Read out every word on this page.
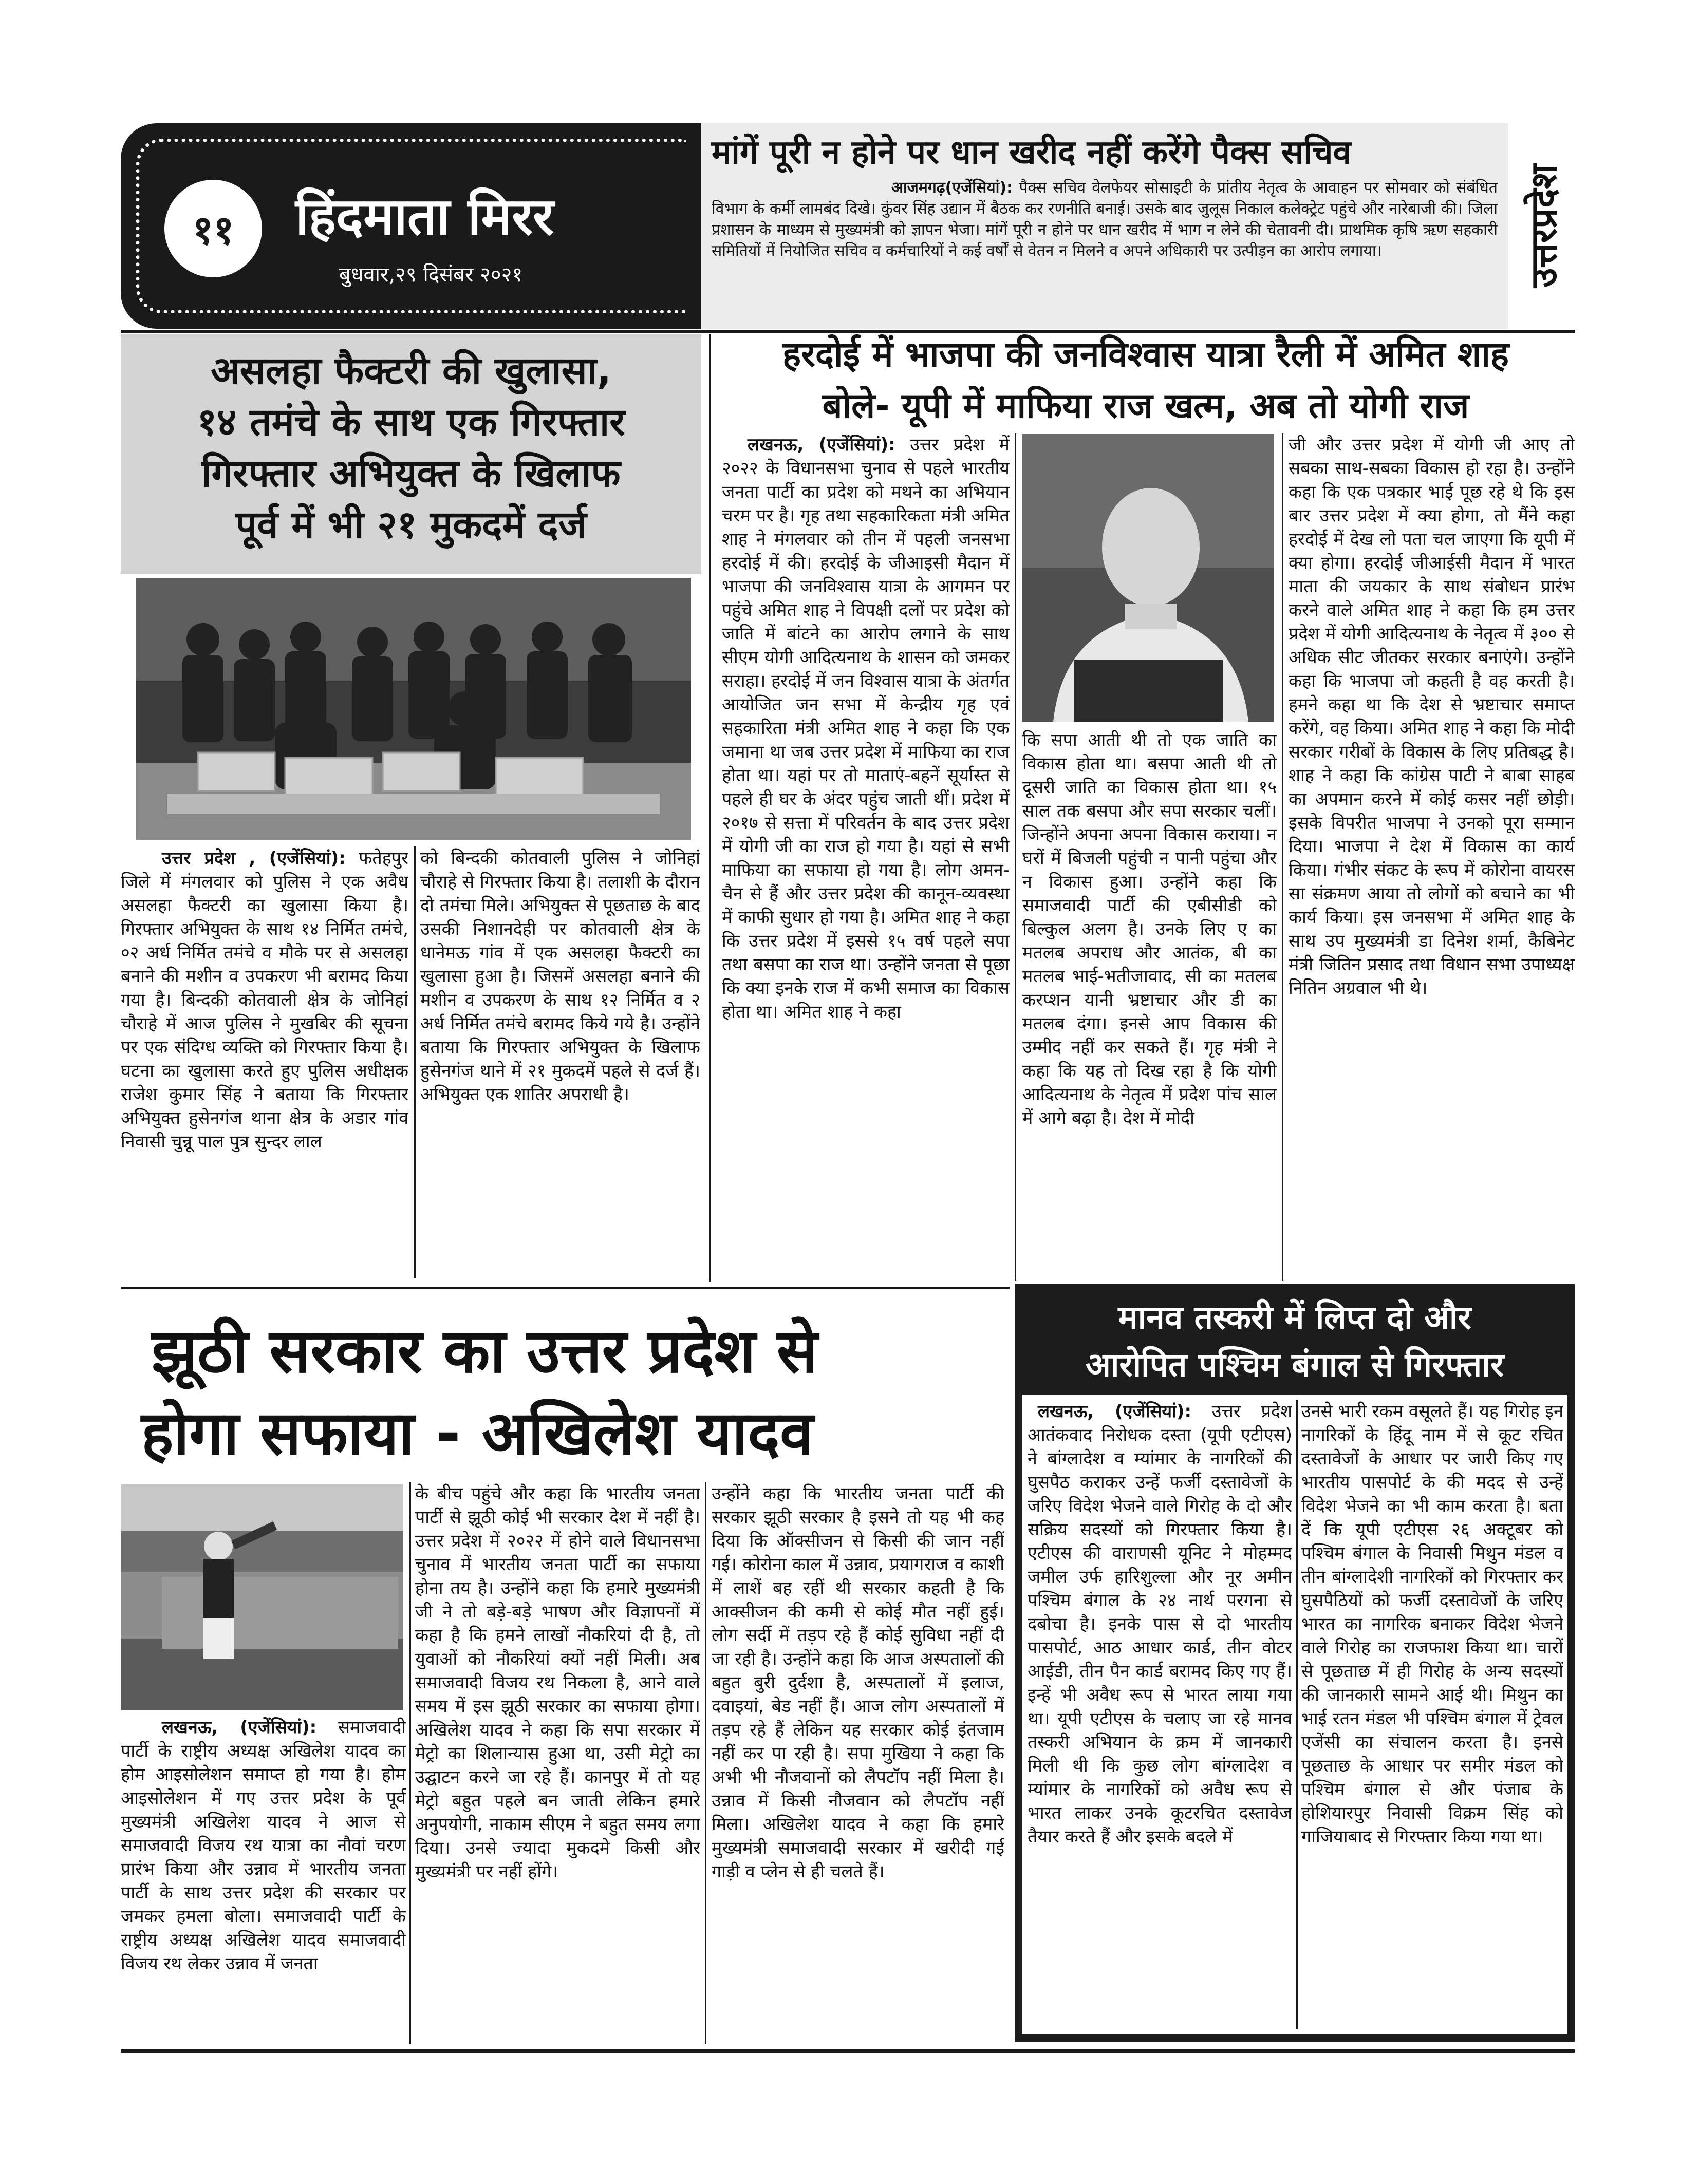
११	हिंदमाता मिरर
बुधवार,२९ दिसंबर २०२१
मांगें पूरी न होने पर धान खरीद नहीं करेंगे पैक्स सचिव
आजमगढ़(एजेंसियां): पैक्स सचिव वेलफेयर सोसाइटी के प्रांतीय नेतृत्व के आवाहन पर सोमवार को संबंधित विभाग के कर्मी लामबंद दिखे। कुंवर सिंह उद्यान में बैठक कर रणनीति बनाई। उसके बाद जुलूस निकाल कलेक्ट्रेट पहुंचे और नारेबाजी की। जिला प्रशासन के माध्यम से मुख्यमंत्री को ज्ञापन भेजा। मांगें पूरी न होने पर धान खरीद में भाग न लेने की चेतावनी दी। प्राथमिक कृषि ऋण सहकारी समितियों में नियोजित सचिव व कर्मचारियों ने कई वर्षों से वेतन न मिलने व अपने अधिकारी पर उत्पीड़न का आरोप लगाया।	उत्तरप्रदेश
असलहा फैक्टरी की खुलासा,
१४ तमंचे के साथ एक गिरफ्तार
गिरफ्तार अभियुक्त के खिलाफ
पूर्व में भी २१ मुकदमें दर्ज
उत्तर प्रदेश , (एजेंसियां): फतेहपुर जिले में मंगलवार को पुलिस ने एक अवैध असलहा फैक्टरी का खुलासा किया है। गिरफ्तार अभियुक्त के साथ १४ निर्मित तमंचे, ०२ अर्ध निर्मित तमंचे व मौके पर से असलहा बनाने की मशीन व उपकरण भी बरामद किया गया है। बिन्दकी कोतवाली क्षेत्र के जोनिहां चौराहे में आज पुलिस ने मुखबिर की सूचना पर एक संदिग्ध व्यक्ति को गिरफ्तार किया है। घटना का खुलासा करते हुए पुलिस अधीक्षक राजेश कुमार सिंह ने बताया कि गिरफ्तार अभियुक्त हुसेनगंज थाना क्षेत्र के अडार गांव निवासी चुन्नू पाल पुत्र सुन्दर लाल
को बिन्दकी कोतवाली पुलिस ने जोनिहां चौराहे से गिरफ्तार किया है। तलाशी के दौरान दो तमंचा मिले। अभियुक्त से पूछताछ के बाद उसकी निशानदेही पर कोतवाली क्षेत्र के धानेमऊ गांव में एक असलहा फैक्टरी का खुलासा हुआ है। जिसमें असलहा बनाने की मशीन व उपकरण के साथ १२ निर्मित व २ अर्ध निर्मित तमंचे बरामद किये गये है। उन्होंने बताया कि गिरफ्तार अभियुक्त के खिलाफ हुसेनगंज थाने में २१ मुकदमें पहले से दर्ज हैं। अभियुक्त एक शातिर अपराधी है।
हरदोई में भाजपा की जनविश्वास यात्रा रैली में अमित शाह
बोले- यूपी में माफिया राज खत्म, अब तो योगी राज
लखनऊ, (एजेंसियां): उत्तर प्रदेश में २०२२ के विधानसभा चुनाव से पहले भारतीय जनता पार्टी का प्रदेश को मथने का अभियान चरम पर है। गृह तथा सहकारिकता मंत्री अमित शाह ने मंगलवार को तीन में पहली जनसभा हरदोई में की। हरदोई के जीआइसी मैदान में भाजपा की जनविश्वास यात्रा के आगमन पर पहुंचे अमित शाह ने विपक्षी दलों पर प्रदेश को जाति में बांटने का आरोप लगाने के साथ सीएम योगी आदित्यनाथ के शासन को जमकर सराहा। हरदोई में जन विश्वास यात्रा के अंतर्गत आयोजित जन सभा में केन्द्रीय गृह एवं सहकारिता मंत्री अमित शाह ने कहा कि एक जमाना था जब उत्तर प्रदेश में माफिया का राज होता था। यहां पर तो माताएं-बहनें सूर्यास्त से पहले ही घर के अंदर पहुंच जाती थीं। प्रदेश में २०१७ से सत्ता में परिवर्तन के बाद उत्तर प्रदेश में योगी जी का राज हो गया है। यहां से सभी माफिया का सफाया हो गया है। लोग अमन-चैन से हैं और उत्तर प्रदेश की कानून-व्यवस्था में काफी सुधार हो गया है। अमित शाह ने कहा कि उत्तर प्रदेश में इससे १५ वर्ष पहले सपा तथा बसपा का राज था। उन्होंने जनता से पूछा कि क्या इनके राज में कभी समाज का विकास होता था। अमित शाह ने कहा
कि सपा आती थी तो एक जाति का विकास होता था। बसपा आती थी तो दूसरी जाति का विकास होता था। १५ साल तक बसपा और सपा सरकार चलीं। जिन्होंने अपना अपना विकास कराया। न घरों में बिजली पहुंची न पानी पहुंचा और न विकास हुआ। उन्होंने कहा कि समाजवादी पार्टी की एबीसीडी को बिल्कुल अलग है। उनके लिए ए का मतलब अपराध और आतंक, बी का मतलब भाई-भतीजावाद, सी का मतलब करप्शन यानी भ्रष्टाचार और डी का मतलब दंगा। इनसे आप विकास की उम्मीद नहीं कर सकते हैं। गृह मंत्री ने कहा कि यह तो दिख रहा है कि योगी आदित्यनाथ के नेतृत्व में प्रदेश पांच साल में आगे बढ़ा है। देश में मोदी
जी और उत्तर प्रदेश में योगी जी आए तो सबका साथ-सबका विकास हो रहा है। उन्होंने कहा कि एक पत्रकार भाई पूछ रहे थे कि इस बार उत्तर प्रदेश में क्या होगा, तो मैंने कहा हरदोई में देख लो पता चल जाएगा कि यूपी में क्या होगा। हरदोई जीआईसी मैदान में भारत माता की जयकार के साथ संबोधन प्रारंभ करने वाले अमित शाह ने कहा कि हम उत्तर प्रदेश में योगी आदित्यनाथ के नेतृत्व में ३०० से अधिक सीट जीतकर सरकार बनाएंगे। उन्होंने कहा कि भाजपा जो कहती है वह करती है। हमने कहा था कि देश से भ्रष्टाचार समाप्त करेंगे, वह किया। अमित शाह ने कहा कि मोदी सरकार गरीबों के विकास के लिए प्रतिबद्ध है। शाह ने कहा कि कांग्रेस पाटी ने बाबा साहब का अपमान करने में कोई कसर नहीं छोड़ी। इसके विपरीत भाजपा ने उनको पूरा सम्मान दिया। भाजपा ने देश में विकास का कार्य किया। गंभीर संकट के रूप में कोरोना वायरस सा संक्रमण आया तो लोगों को बचाने का भी कार्य किया। इस जनसभा में अमित शाह के साथ उप मुख्यमंत्री डा दिनेश शर्मा, कैबिनेट मंत्री जितिन प्रसाद तथा विधान सभा उपाध्यक्ष नितिन अग्रवाल भी थे।
झूठी सरकार का उत्तर प्रदेश से
होगा सफाया - अखिलेश यादव
लखनऊ, (एजेंसियां): समाजवादी पार्टी के राष्ट्रीय अध्यक्ष अखिलेश यादव का होम आइसोलेशन समाप्त हो गया है। होम आइसोलेशन में गए उत्तर प्रदेश के पूर्व मुख्यमंत्री अखिलेश यादव ने आज से समाजवादी विजय रथ यात्रा का नौवां चरण प्रारंभ किया और उन्नाव में भारतीय जनता पार्टी के साथ उत्तर प्रदेश की सरकार पर जमकर हमला बोला। समाजवादी पार्टी के राष्ट्रीय अध्यक्ष अखिलेश यादव समाजवादी विजय रथ लेकर उन्नाव में जनता
के बीच पहुंचे और कहा कि भारतीय जनता पार्टी से झूठी कोई भी सरकार देश में नहीं है। उत्तर प्रदेश में २०२२ में होने वाले विधानसभा चुनाव में भारतीय जनता पार्टी का सफाया होना तय है। उन्होंने कहा कि हमारे मुख्यमंत्री जी ने तो बड़े-बड़े भाषण और विज्ञापनों में कहा है कि हमने लाखों नौकरियां दी है, तो युवाओं को नौकरियां क्यों नहीं मिली। अब समाजवादी विजय रथ निकला है, आने वाले समय में इस झूठी सरकार का सफाया होगा। अखिलेश यादव ने कहा कि सपा सरकार में मेट्रो का शिलान्यास हुआ था, उसी मेट्रो का उद्घाटन करने जा रहे हैं। कानपुर में तो यह मेट्रो बहुत पहले बन जाती लेकिन हमारे अनुपयोगी, नाकाम सीएम ने बहुत समय लगा दिया। उनसे ज्यादा मुकदमे किसी और मुख्यमंत्री पर नहीं होंगे।
उन्होंने कहा कि भारतीय जनता पार्टी की सरकार झूठी सरकार है इसने तो यह भी कह दिया कि ऑक्सीजन से किसी की जान नहीं गई। कोरोना काल में उन्नाव, प्रयागराज व काशी में लाशें बह रहीं थी सरकार कहती है कि आक्सीजन की कमी से कोई मौत नहीं हुई। लोग सर्दी में तड़प रहे हैं कोई सुविधा नहीं दी जा रही है। उन्होंने कहा कि आज अस्पतालों की बहुत बुरी दुर्दशा है, अस्पतालों में इलाज, दवाइयां, बेड नहीं हैं। आज लोग अस्पतालों में तड़प रहे हैं लेकिन यह सरकार कोई इंतजाम नहीं कर पा रही है। सपा मुखिया ने कहा कि अभी भी नौजवानों को लैपटॉप नहीं मिला है। उन्नाव में किसी नौजवान को लैपटॉप नहीं मिला। अखिलेश यादव ने कहा कि हमारे मुख्यमंत्री समाजवादी सरकार में खरीदी गई गाड़ी व प्लेन से ही चलते हैं।
मानव तस्करी में लिप्त दो और
आरोपित पश्चिम बंगाल से गिरफ्तार
लखनऊ, (एजेंसियां): उत्तर प्रदेश आतंकवाद निरोधक दस्ता (यूपी एटीएस) ने बांग्लादेश व म्यांमार के नागरिकों की घुसपैठ कराकर उन्हें फर्जी दस्तावेजों के जरिए विदेश भेजने वाले गिरोह के दो और सक्रिय सदस्यों को गिरफ्तार किया है। एटीएस की वाराणसी यूनिट ने मोहम्मद जमील उर्फ हारिशुल्ला और नूर अमीन पश्चिम बंगाल के २४ नार्थ परगना से दबोचा है। इनके पास से दो भारतीय पासपोर्ट, आठ आधार कार्ड, तीन वोटर आईडी, तीन पैन कार्ड बरामद किए गए हैं। इन्हें भी अवैध रूप से भारत लाया गया था। यूपी एटीएस के चलाए जा रहे मानव तस्करी अभियान के क्रम में जानकारी मिली थी कि कुछ लोग बांग्लादेश व म्यांमार के नागरिकों को अवैध रूप से भारत लाकर उनके कूटरचित दस्तावेज तैयार करते हैं और इसके बदले में
उनसे भारी रकम वसूलते हैं। यह गिरोह इन नागरिकों के हिंदू नाम में से कूट रचित दस्तावेजों के आधार पर जारी किए गए भारतीय पासपोर्ट के की मदद से उन्हें विदेश भेजने का भी काम करता है। बता दें कि यूपी एटीएस २६ अक्टूबर को पश्चिम बंगाल के निवासी मिथुन मंडल व तीन बांग्लादेशी नागरिकों को गिरफ्तार कर घुसपैठियों को फर्जी दस्तावेजों के जरिए भारत का नागरिक बनाकर विदेश भेजने वाले गिरोह का राजफाश किया था। चारों से पूछताछ में ही गिरोह के अन्य सदस्यों की जानकारी सामने आई थी। मिथुन का भाई रतन मंडल भी पश्चिम बंगाल में ट्रेवल एजेंसी का संचालन करता है। इनसे पूछताछ के आधार पर समीर मंडल को पश्चिम बंगाल से और पंजाब के होशियारपुर निवासी विक्रम सिंह को गाजियाबाद से गिरफ्तार किया गया था।
